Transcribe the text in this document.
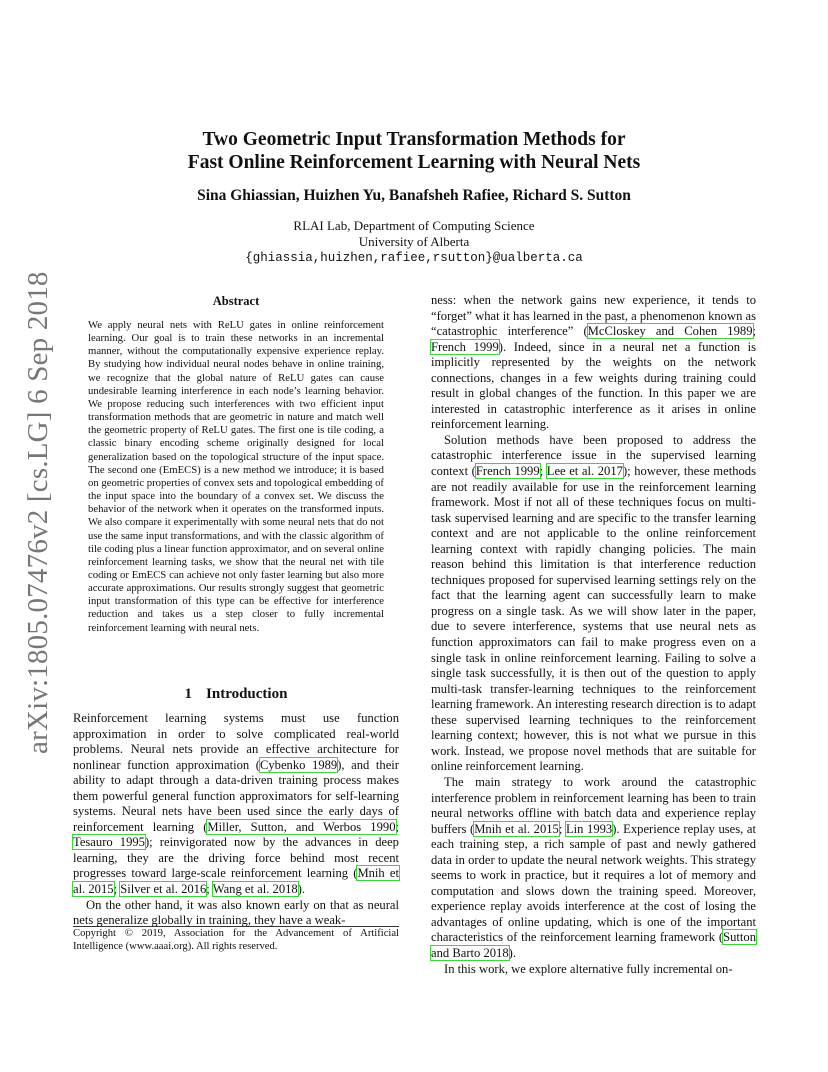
arXiv:1805.07476v2 [cs.LG] 6 Sep 2018
Two Geometric Input Transformation Methods for
Fast Online Reinforcement Learning with Neural Nets
Sina Ghiassian, Huizhen Yu, Banafsheh Rafiee, Richard S. Sutton
RLAI Lab, Department of Computing Science
University of Alberta
{ghiassia,huizhen,rafiee,rsutton}@ualberta.ca
Abstract
We apply neural nets with ReLU gates in online reinforcement learning. Our goal is to train these networks in an incremental manner, without the computationally expensive experience replay. By studying how individual neural nodes behave in online training, we recognize that the global nature of ReLU gates can cause undesirable learning interference in each node’s learning behavior. We propose reducing such interferences with two efficient input transformation methods that are geometric in nature and match well the geometric property of ReLU gates. The first one is tile coding, a classic binary encoding scheme originally designed for local generalization based on the topological structure of the input space. The second one (EmECS) is a new method we introduce; it is based on geometric properties of convex sets and topological embedding of the input space into the boundary of a convex set. We discuss the behavior of the network when it operates on the transformed inputs. We also compare it experimentally with some neural nets that do not use the same input transformations, and with the classic algorithm of tile coding plus a linear function approximator, and on several online reinforcement learning tasks, we show that the neural net with tile coding or EmECS can achieve not only faster learning but also more accurate approximations. Our results strongly suggest that geometric input transformation of this type can be effective for interference reduction and takes us a step closer to fully incremental reinforcement learning with neural nets.
1 Introduction

Reinforcement learning systems must use function approximation in order to solve complicated real-world problems. Neural nets provide an effective architecture for nonlinear function approximation (Cybenko 1989), and their ability to adapt through a data-driven training process makes them powerful general function approximators for self-learning systems. Neural nets have been used since the early days of reinforcement learning (Miller, Sutton, and Werbos 1990; Tesauro 1995); reinvigorated now by the advances in deep learning, they are the driving force behind most recent progresses toward large-scale reinforcement learning (Mnih et al. 2015; Silver et al. 2016; Wang et al. 2018).

On the other hand, it was also known early on that as neural nets generalize globally in training, they have a weak-

Copyright © 2019, Association for the Advancement of Artificial Intelligence (www.aaai.org). All rights reserved.

ness: when the network gains new experience, it tends to “forget” what it has learned in the past, a phenomenon known as “catastrophic interference” (McCloskey and Cohen 1989; French 1999). Indeed, since in a neural net a function is implicitly represented by the weights on the network connections, changes in a few weights during training could result in global changes of the function. In this paper we are interested in catastrophic interference as it arises in online reinforcement learning.

Solution methods have been proposed to address the catastrophic interference issue in the supervised learning context (French 1999; Lee et al. 2017); however, these methods are not readily available for use in the reinforcement learning framework. Most if not all of these techniques focus on multi-task supervised learning and are specific to the transfer learning context and are not applicable to the online reinforcement learning context with rapidly changing policies. The main reason behind this limitation is that interference reduction techniques proposed for supervised learning settings rely on the fact that the learning agent can successfully learn to make progress on a single task. As we will show later in the paper, due to severe interference, systems that use neural nets as function approximators can fail to make progress even on a single task in online reinforcement learning. Failing to solve a single task successfully, it is then out of the question to apply multi-task transfer-learning techniques to the reinforcement learning framework. An interesting research direction is to adapt these supervised learning techniques to the reinforcement learning context; however, this is not what we pursue in this work. Instead, we propose novel methods that are suitable for online reinforcement learning.

The main strategy to work around the catastrophic interference problem in reinforcement learning has been to train neural networks offline with batch data and experience replay buffers (Mnih et al. 2015; Lin 1993). Experience replay uses, at each training step, a rich sample of past and newly gathered data in order to update the neural network weights. This strategy seems to work in practice, but it requires a lot of memory and computation and slows down the training speed. Moreover, experience replay avoids interference at the cost of losing the advantages of online updating, which is one of the important characteristics of the reinforcement learning framework (Sutton and Barto 2018).

In this work, we explore alternative fully incremental on-
